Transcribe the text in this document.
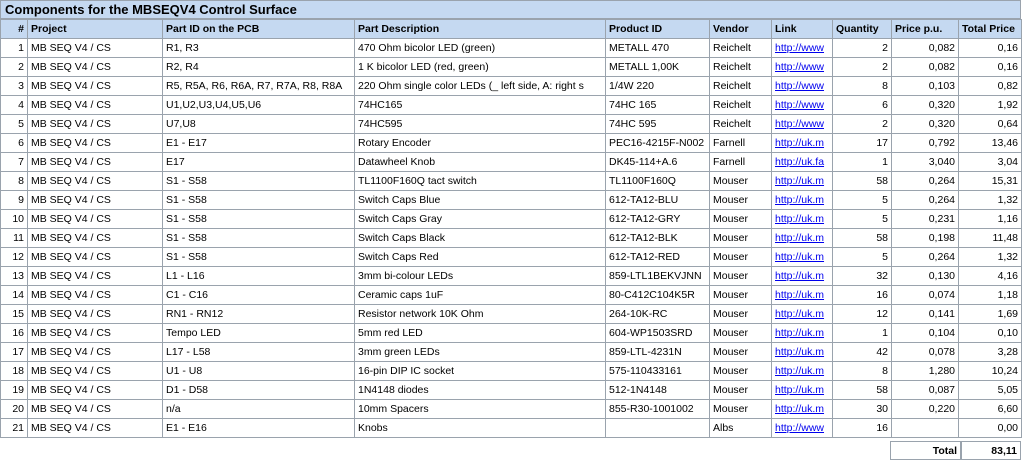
Components for the MBSEQV4 Control Surface
#	Project	Part ID on the PCB	Part Description	Product ID	Vendor	Link	Quantity	Price p.u.	Total Price
1	MB SEQ V4 / CS	R1, R3	470 Ohm bicolor LED (green)	METALL 470	Reichelt	http://www	2	0,082	0,16
2	MB SEQ V4 / CS	R2, R4	1 K bicolor LED (red, green)	METALL 1,00K	Reichelt	http://www	2	0,082	0,16
3	MB SEQ V4 / CS	R5, R5A, R6, R6A, R7, R7A, R8, R8A	220 Ohm single color LEDs (_ left side, A: right s	1/4W 220	Reichelt	http://www	8	0,103	0,82
4	MB SEQ V4 / CS	U1,U2,U3,U4,U5,U6	74HC165	74HC 165	Reichelt	http://www	6	0,320	1,92
5	MB SEQ V4 / CS	U7,U8	74HC595	74HC 595	Reichelt	http://www	2	0,320	0,64
6	MB SEQ V4 / CS	E1 - E17	Rotary Encoder	PEC16-4215F-N002	Farnell	http://uk.m	17	0,792	13,46
7	MB SEQ V4 / CS	E17	Datawheel Knob	DK45-114+A.6	Farnell	http://uk.fa	1	3,040	3,04
8	MB SEQ V4 / CS	S1 - S58	TL1100F160Q tact switch	TL1100F160Q	Mouser	http://uk.m	58	0,264	15,31
9	MB SEQ V4 / CS	S1 - S58	Switch Caps Blue	612-TA12-BLU	Mouser	http://uk.m	5	0,264	1,32
10	MB SEQ V4 / CS	S1 - S58	Switch Caps Gray	612-TA12-GRY	Mouser	http://uk.m	5	0,231	1,16
11	MB SEQ V4 / CS	S1 - S58	Switch Caps Black	612-TA12-BLK	Mouser	http://uk.m	58	0,198	11,48
12	MB SEQ V4 / CS	S1 - S58	Switch Caps Red	612-TA12-RED	Mouser	http://uk.m	5	0,264	1,32
13	MB SEQ V4 / CS	L1 - L16	3mm bi-colour LEDs	859-LTL1BEKVJNN	Mouser	http://uk.m	32	0,130	4,16
14	MB SEQ V4 / CS	C1 - C16	Ceramic caps 1uF	80-C412C104K5R	Mouser	http://uk.m	16	0,074	1,18
15	MB SEQ V4 / CS	RN1 - RN12	Resistor network 10K Ohm	264-10K-RC	Mouser	http://uk.m	12	0,141	1,69
16	MB SEQ V4 / CS	Tempo LED	5mm red LED	604-WP1503SRD	Mouser	http://uk.m	1	0,104	0,10
17	MB SEQ V4 / CS	L17 - L58	3mm green LEDs	859-LTL-4231N	Mouser	http://uk.m	42	0,078	3,28
18	MB SEQ V4 / CS	U1 - U8	16-pin DIP IC socket	575-110433161	Mouser	http://uk.m	8	1,280	10,24
19	MB SEQ V4 / CS	D1 - D58	1N4148 diodes	512-1N4148	Mouser	http://uk.m	58	0,087	5,05
20	MB SEQ V4 / CS	n/a	10mm Spacers	855-R30-1001002	Mouser	http://uk.m	30	0,220	6,60
21	MB SEQ V4 / CS	E1 - E16	Knobs		Albs	http://www	16		0,00
Total	83,11
